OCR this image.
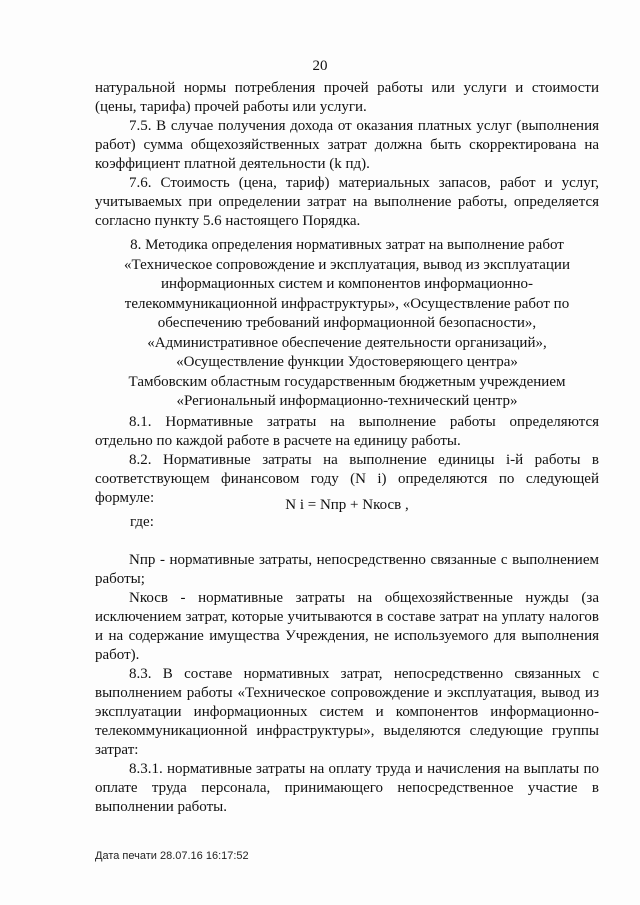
20

натуральной нормы потребления прочей работы или услуги и стоимости (цены, тарифа) прочей работы или услуги.

7.5. В случае получения дохода от оказания платных услуг (выполнения работ) сумма общехозяйственных затрат должна быть скорректирована на коэффициент платной деятельности (k пд).

7.6. Стоимость (цена, тариф) материальных запасов, работ и услуг, учитываемых при определении затрат на выполнение работы, определяется согласно пункту 5.6 настоящего Порядка.

8. Методика определения нормативных затрат на выполнение работ
«Техническое сопровождение и эксплуатация, вывод из эксплуатации
информационных систем и компонентов информационно-
телекоммуникационной инфраструктуры», «Осуществление работ по
обеспечению требований информационной безопасности»,
«Административное обеспечение деятельности организаций»,
«Осуществление функции Удостоверяющего центра»
Тамбовским областным государственным бюджетным учреждением
«Региональный информационно-технический центр»

8.1. Нормативные затраты на выполнение работы определяются отдельно по каждой работе в расчете на единицу работы.

8.2. Нормативные затраты на выполнение единицы i-й работы в соответствующем финансовом году (N i) определяются по следующей формуле:	N i = Nпр + Nкосв ,
где:

Nпр - нормативные затраты, непосредственно связанные с выполнением работы;

Nкосв - нормативные затраты на общехозяйственные нужды (за исключением затрат, которые учитываются в составе затрат на уплату налогов и на содержание имущества Учреждения, не используемого для выполнения работ).

8.3. В составе нормативных затрат, непосредственно связанных с выполнением работы «Техническое сопровождение и эксплуатация, вывод из эксплуатации информационных систем и компонентов информационно-телекоммуникационной инфраструктуры», выделяются следующие группы затрат:

8.3.1. нормативные затраты на оплату труда и начисления на выплаты по оплате труда персонала, принимающего непосредственное участие в выполнении работы.

Дата печати 28.07.16 16:17:52
